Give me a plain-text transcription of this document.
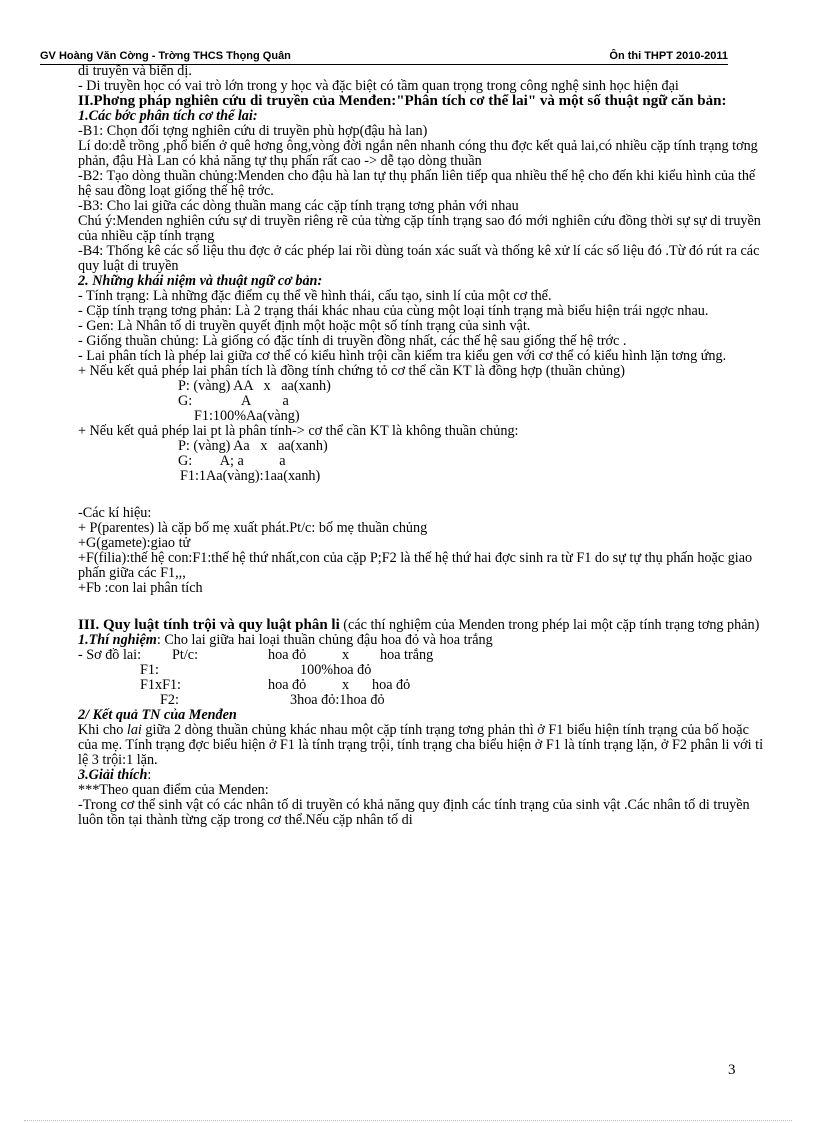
GV Hoàng Văn Cờng - Trờng THCS Thọng Quân	Ôn thi THPT 2010-2011

di truyền và biến dị.

- Di truyền học có vai trò lớn trong y học và đặc biệt có tầm quan trọng trong công nghệ sinh học hiện đại

II.Phơng pháp nghiên cứu di truyền của Menđen:"Phân tích cơ thể lai" và một số thuật ngữ căn bản:

1.Các bớc phân tích cơ thể lai:

-B1: Chọn đối tợng nghiên cứu di truyền phù hợp(đậu hà lan)

Lí do:dễ trồng ,phổ biến ở quê hơng ông,vòng đời ngắn nên nhanh cóng thu đợc kết quả lai,có nhiều cặp tính trạng tơng phản, đậu Hà Lan có khả năng tự thụ phấn rất cao -> dễ tạo dòng thuần

-B2: Tạo dòng thuần chủng:Menden cho đậu hà lan tự thụ phấn liên tiếp qua nhiều thế hệ cho đến khi kiểu hình của thế hệ sau đồng loạt giống thế hệ trớc.

-B3: Cho lai giữa các dòng thuần mang các cặp tính trạng tơng phản với nhau

Chú ý:Menden nghiên cứu sự di truyền riêng rẽ của từng cặp tính trạng sao đó mới nghiên cứu đồng thời sự sự di truyền của nhiều cặp tính trạng

-B4: Thống kê các số liệu thu đợc ở các phép lai rồi dùng toán xác suất và thống kê xử lí các số liệu đó .Từ đó rút ra các quy luật di truyền

2. Những khái niệm và thuật ngữ cơ bản:

- Tính trạng: Là những đặc điểm cụ thể về hình thái, cấu tạo, sinh lí của một cơ thể.

- Cặp tính trạng tơng phản: Là 2 trạng thái khác nhau của cùng một loại tính trạng mà biểu hiện trái ngợc nhau.

- Gen: Là Nhân tố di truyền quyết định một hoặc một số tính trạng của sinh vật.

- Giống thuần chủng: Là giống có đặc tính di truyền đồng nhất, các thế hệ sau giống thế hệ trớc .

- Lai phân tích là phép lai giữa cơ thể có kiểu hình trội cần kiểm tra kiểu gen với cơ thể có kiểu hình lặn tơng ứng.

+ Nếu kết quả phép lai phân tích là đồng tính chứng tỏ cơ thể cần KT là đồng hợp (thuần chủng)

P: (vàng) AA   x   aa(xanh)

G:              A         a

F1:100%Aa(vàng)

+ Nếu kết quả phép lai pt là phân tính-> cơ thể cần KT là không thuần chủng:

P: (vàng) Aa   x   aa(xanh)

G:        A; a          a

F1:1Aa(vàng):1aa(xanh)

-Các kí hiệu:

+ P(parentes) là cặp bố mẹ xuất phát.Pt/c: bố mẹ thuần chủng

+G(gamete):giao tử

+F(filia):thế hệ con:F1:thế hệ thứ nhất,con của cặp P;F2 là thế hệ thứ hai đợc sinh ra từ F1 do sự tự thụ phấn hoặc giao phấn giữa các F1,,,

+Fb :con lai phân tích

III. Quy luật tính trội và quy luật phân li (các thí nghiệm của Menden trong phép lai một cặp tính trạng tơng phản)

1.Thí nghiệm: Cho lai giữa hai loại thuần chủng đậu hoa đỏ và hoa trắng

- Sơ đồ lai: Pt/c:	hoa đỏ	x hoa trắng
F1:	100%hoa đỏ
F1xF1:	hoa đỏ	x hoa đỏ
F2:	3hoa đỏ:1hoa đỏ

2/ Kết quả TN của Menđen

Khi cho lai giữa 2 dòng thuần chủng khác nhau một cặp tính trạng tơng phản thì ở F1 biểu hiện tính trạng của bố hoặc của mẹ. Tính trạng đợc biểu hiện ở F1 là tính trạng trội, tính trạng cha biểu hiện ở F1 là tính trạng lặn, ở F2 phân li với tỉ lệ 3 trội:1 lặn.

3.Giải thích:

***Theo quan điểm của Menden:

-Trong cơ thể sinh vật có các nhân tố di truyền có khả năng quy định các tính trạng của sinh vật .Các nhân tố di truyền luôn tồn tại thành từng cặp trong cơ thể.Nếu cặp nhân tố di

3
